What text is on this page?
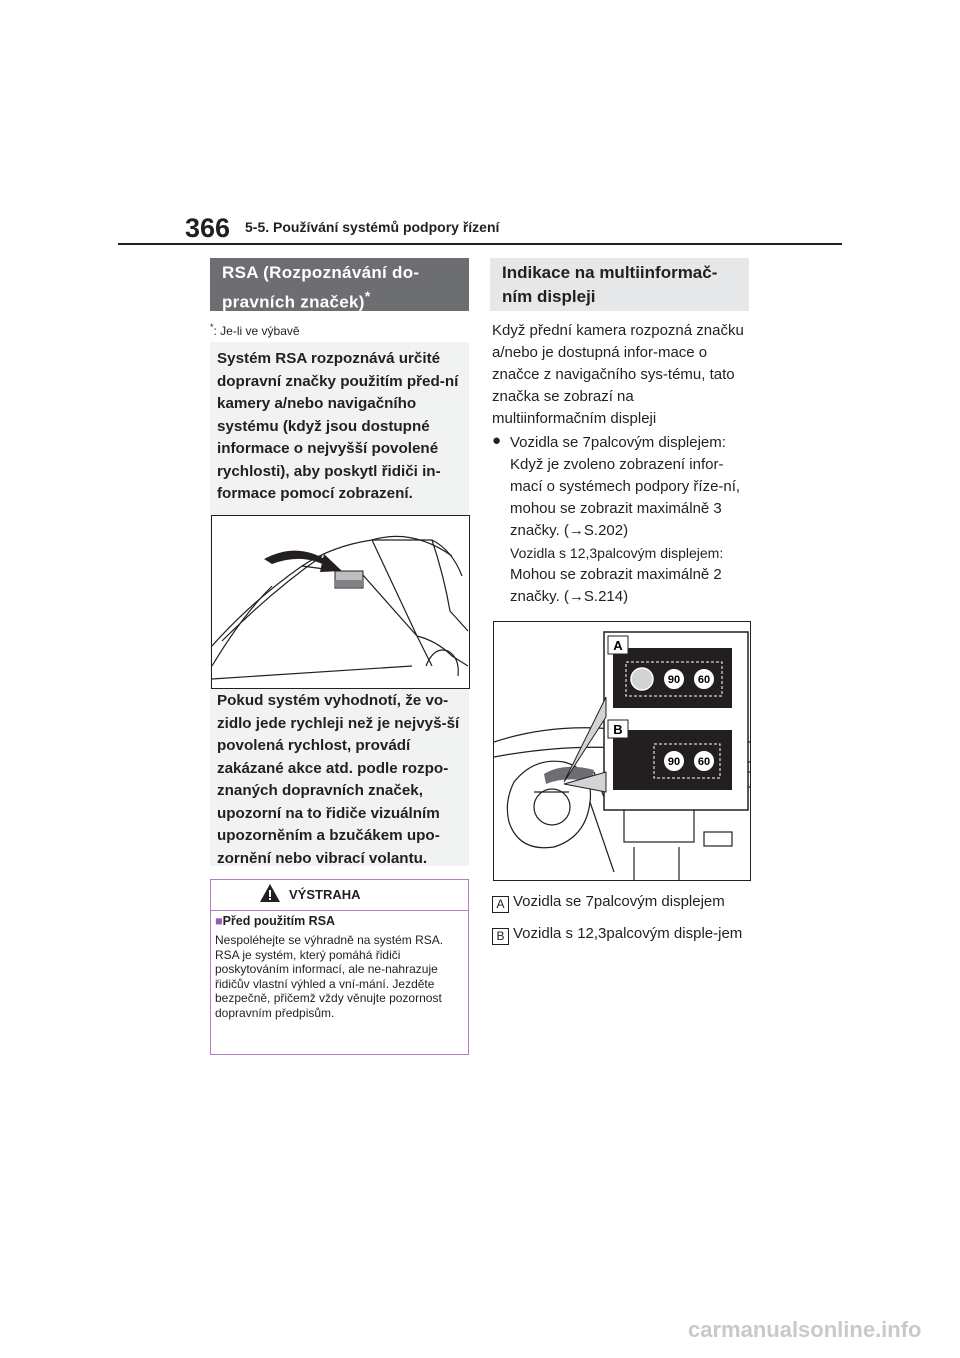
366 5-5. Používání systémů podpory řízení
RSA (Rozpoznávání do-
pravních značek)*
*: Je-li ve výbavě
Systém RSA rozpoznává určité dopravní značky použitím před-ní kamery a/nebo navigačního systému (když jsou dostupné informace o nejvyšší povolené rychlosti), aby poskytl řidiči in-formace pomocí zobrazení.
Pokud systém vyhodnotí, že vo-zidlo jede rychleji než je nejvyš-ší povolená rychlost, provádí zakázané akce atd. podle rozpo-znaných dopravních značek, upozorní na to řidiče vizuálním upozorněním a bzučákem upo-zornění nebo vibrací volantu.
VÝSTRAHA
■Před použitím RSA
Nespoléhejte se výhradně na systém RSA. RSA je systém, který pomáhá řidiči poskytováním informací, ale ne-nahrazuje řidičův vlastní výhled a vní-mání. Jezděte bezpečně, přičemž vždy věnujte pozornost dopravním předpisům.
Indikace na multiinformač-
ním displeji
Když přední kamera rozpozná značku a/nebo je dostupná infor-mace o značce z navigačního sys-tému, tato značka se zobrazí na multiinformačním displeji
● Vozidla se 7palcovým displejem: Když je zvoleno zobrazení infor-mací o systémech podpory říze-ní, mohou se zobrazit maximálně 3 značky. (→S.202)
Vozidla s 12,3palcovým displejem:
Mohou se zobrazit maximálně 2 značky. (→S.214)
90 60
A
90 60
B
A Vozidla se 7palcovým displejem
B Vozidla s 12,3palcovým disple-jem
carmanualsonline.info
